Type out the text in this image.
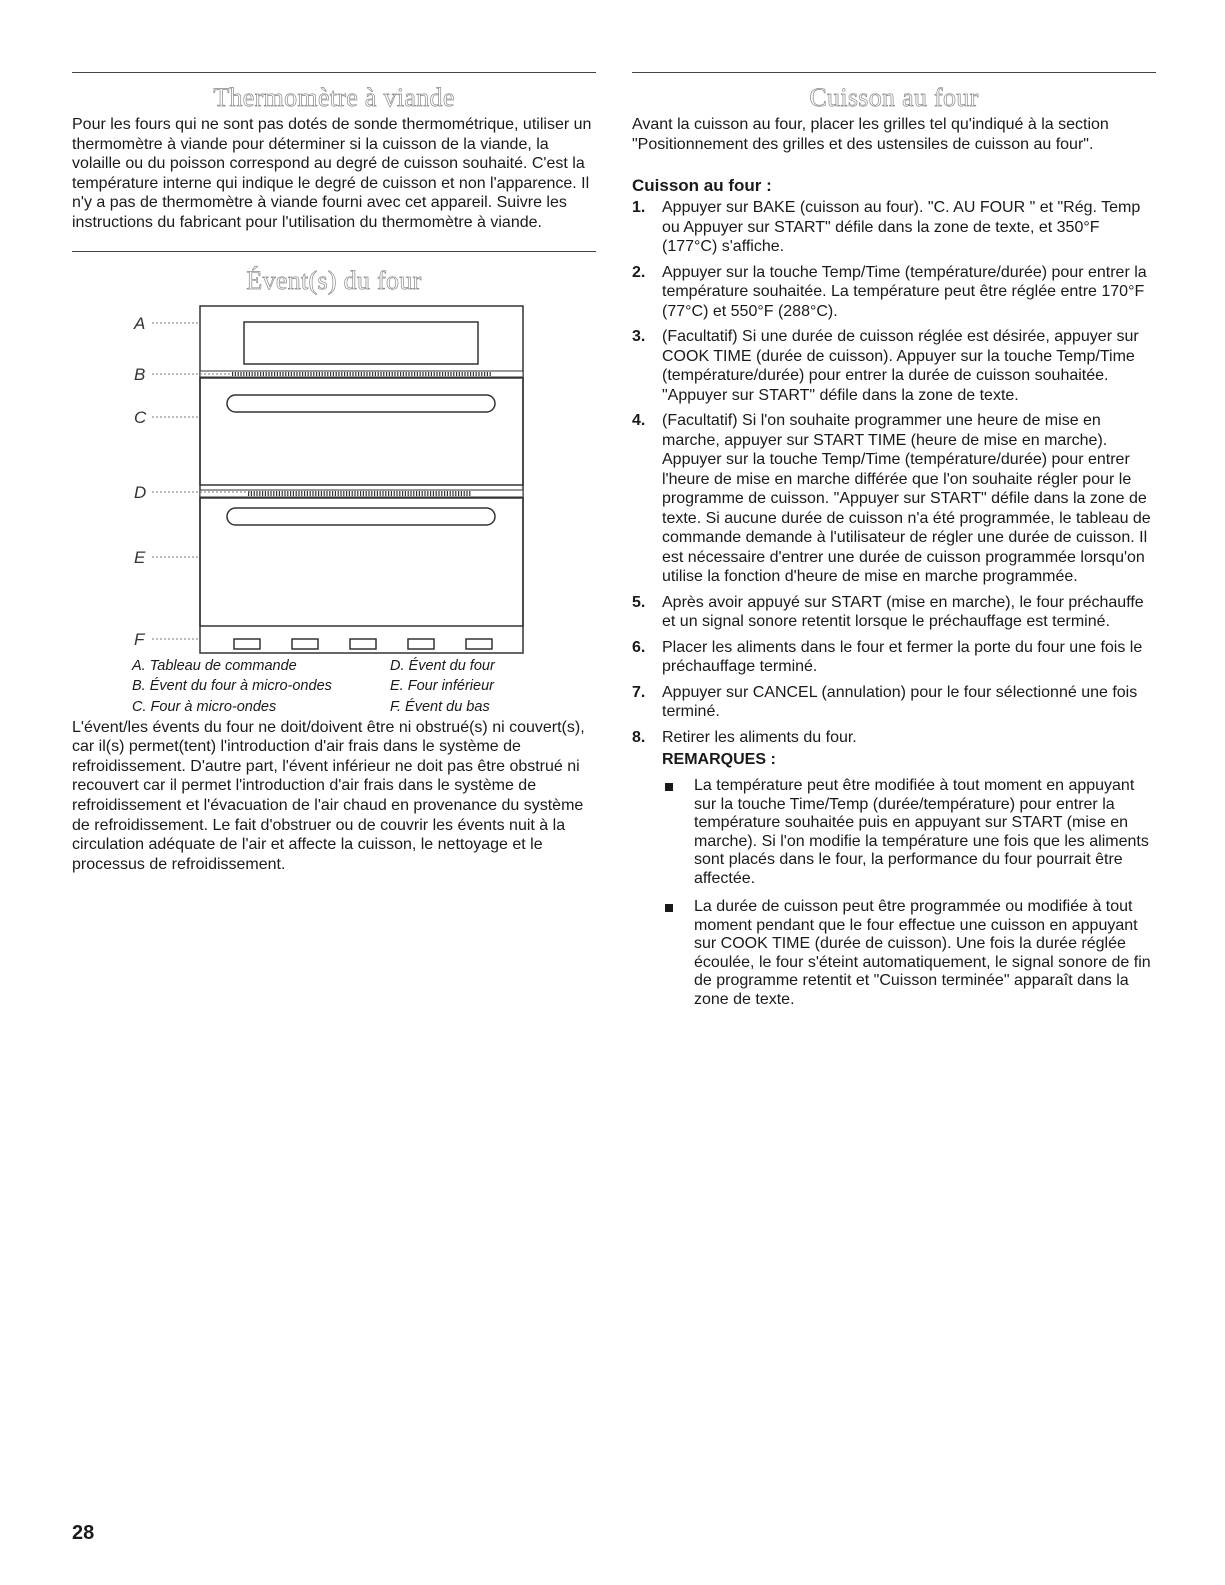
Thermomètre à viande

Pour les fours qui ne sont pas dotés de sonde thermométrique, utiliser un thermomètre à viande pour déterminer si la cuisson de la viande, la volaille ou du poisson correspond au degré de cuisson souhaité. C'est la température interne qui indique le degré de cuisson et non l'apparence. Il n'y a pas de thermomètre à viande fourni avec cet appareil. Suivre les instructions du fabricant pour l'utilisation du thermomètre à viande.

Évent(s) du four
A
B
C
D
E
F
A. Tableau de commande
B. Évent du four à micro-ondes
C. Four à micro-ondes
D. Évent du four
E. Four inférieur
F. Évent du bas

L'évent/les évents du four ne doit/doivent être ni obstrué(s) ni couvert(s), car il(s) permet(tent) l'introduction d'air frais dans le système de refroidissement. D'autre part, l'évent inférieur ne doit pas être obstrué ni recouvert car il permet l'introduction d'air frais dans le système de refroidissement et l'évacuation de l'air chaud en provenance du système de refroidissement. Le fait d'obstruer ou de couvrir les évents nuit à la circulation adéquate de l'air et affecte la cuisson, le nettoyage et le processus de refroidissement.

Cuisson au four

Avant la cuisson au four, placer les grilles tel qu'indiqué à la section "Positionnement des grilles et des ustensiles de cuisson au four".

Cuisson au four :
1. Appuyer sur BAKE (cuisson au four). "C. AU FOUR " et "Rég. Temp ou Appuyer sur START" défile dans la zone de texte, et 350°F (177°C) s'affiche.
2. Appuyer sur la touche Temp/Time (température/durée) pour entrer la température souhaitée. La température peut être réglée entre 170°F (77°C) et 550°F (288°C).
3. (Facultatif) Si une durée de cuisson réglée est désirée, appuyer sur COOK TIME (durée de cuisson). Appuyer sur la touche Temp/Time (température/durée) pour entrer la durée de cuisson souhaitée. "Appuyer sur START" défile dans la zone de texte.
4. (Facultatif) Si l'on souhaite programmer une heure de mise en marche, appuyer sur START TIME (heure de mise en marche). Appuyer sur la touche Temp/Time (température/durée) pour entrer l'heure de mise en marche différée que l'on souhaite régler pour le programme de cuisson. "Appuyer sur START" défile dans la zone de texte. Si aucune durée de cuisson n'a été programmée, le tableau de commande demande à l'utilisateur de régler une durée de cuisson. Il est nécessaire d'entrer une durée de cuisson programmée lorsqu'on utilise la fonction d'heure de mise en marche programmée.
5. Après avoir appuyé sur START (mise en marche), le four préchauffe et un signal sonore retentit lorsque le préchauffage est terminé.
6. Placer les aliments dans le four et fermer la porte du four une fois le préchauffage terminé.
7. Appuyer sur CANCEL (annulation) pour le four sélectionné une fois terminé.
8. Retirer les aliments du four.
REMARQUES :
La température peut être modifiée à tout moment en appuyant sur la touche Time/Temp (durée/température) pour entrer la température souhaitée puis en appuyant sur START (mise en marche). Si l'on modifie la température une fois que les aliments sont placés dans le four, la performance du four pourrait être affectée.
La durée de cuisson peut être programmée ou modifiée à tout moment pendant que le four effectue une cuisson en appuyant sur COOK TIME (durée de cuisson). Une fois la durée réglée écoulée, le four s'éteint automatiquement, le signal sonore de fin de programme retentit et "Cuisson terminée" apparaît dans la zone de texte.
28
